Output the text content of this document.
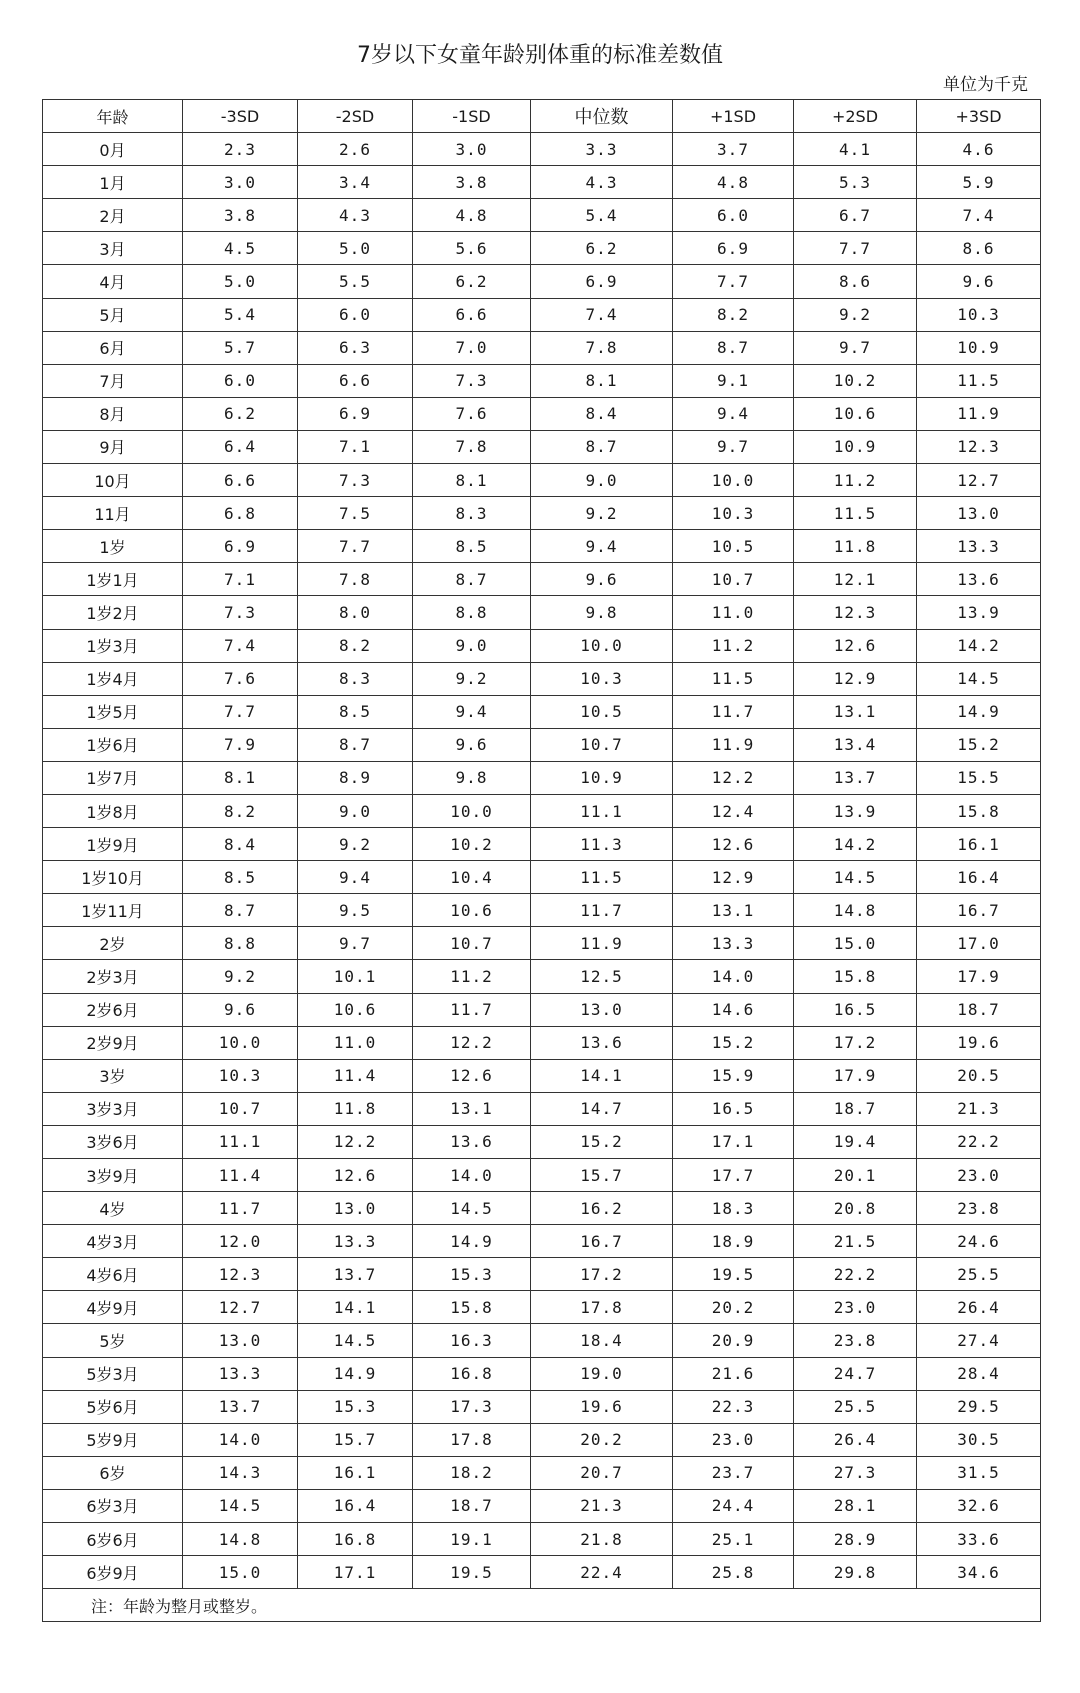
7岁以下女童年龄别体重的标准差数值
单位为千克
年龄	-3SD	-2SD	-1SD	中位数	+1SD	+2SD	+3SD
0月	2.3	2.6	3.0	3.3	3.7	4.1	4.6
1月	3.0	3.4	3.8	4.3	4.8	5.3	5.9
2月	3.8	4.3	4.8	5.4	6.0	6.7	7.4
3月	4.5	5.0	5.6	6.2	6.9	7.7	8.6
4月	5.0	5.5	6.2	6.9	7.7	8.6	9.6
5月	5.4	6.0	6.6	7.4	8.2	9.2	10.3
6月	5.7	6.3	7.0	7.8	8.7	9.7	10.9
7月	6.0	6.6	7.3	8.1	9.1	10.2	11.5
8月	6.2	6.9	7.6	8.4	9.4	10.6	11.9
9月	6.4	7.1	7.8	8.7	9.7	10.9	12.3
10月	6.6	7.3	8.1	9.0	10.0	11.2	12.7
11月	6.8	7.5	8.3	9.2	10.3	11.5	13.0
1岁	6.9	7.7	8.5	9.4	10.5	11.8	13.3
1岁1月	7.1	7.8	8.7	9.6	10.7	12.1	13.6
1岁2月	7.3	8.0	8.8	9.8	11.0	12.3	13.9
1岁3月	7.4	8.2	9.0	10.0	11.2	12.6	14.2
1岁4月	7.6	8.3	9.2	10.3	11.5	12.9	14.5
1岁5月	7.7	8.5	9.4	10.5	11.7	13.1	14.9
1岁6月	7.9	8.7	9.6	10.7	11.9	13.4	15.2
1岁7月	8.1	8.9	9.8	10.9	12.2	13.7	15.5
1岁8月	8.2	9.0	10.0	11.1	12.4	13.9	15.8
1岁9月	8.4	9.2	10.2	11.3	12.6	14.2	16.1
1岁10月	8.5	9.4	10.4	11.5	12.9	14.5	16.4
1岁11月	8.7	9.5	10.6	11.7	13.1	14.8	16.7
2岁	8.8	9.7	10.7	11.9	13.3	15.0	17.0
2岁3月	9.2	10.1	11.2	12.5	14.0	15.8	17.9
2岁6月	9.6	10.6	11.7	13.0	14.6	16.5	18.7
2岁9月	10.0	11.0	12.2	13.6	15.2	17.2	19.6
3岁	10.3	11.4	12.6	14.1	15.9	17.9	20.5
3岁3月	10.7	11.8	13.1	14.7	16.5	18.7	21.3
3岁6月	11.1	12.2	13.6	15.2	17.1	19.4	22.2
3岁9月	11.4	12.6	14.0	15.7	17.7	20.1	23.0
4岁	11.7	13.0	14.5	16.2	18.3	20.8	23.8
4岁3月	12.0	13.3	14.9	16.7	18.9	21.5	24.6
4岁6月	12.3	13.7	15.3	17.2	19.5	22.2	25.5
4岁9月	12.7	14.1	15.8	17.8	20.2	23.0	26.4
5岁	13.0	14.5	16.3	18.4	20.9	23.8	27.4
5岁3月	13.3	14.9	16.8	19.0	21.6	24.7	28.4
5岁6月	13.7	15.3	17.3	19.6	22.3	25.5	29.5
5岁9月	14.0	15.7	17.8	20.2	23.0	26.4	30.5
6岁	14.3	16.1	18.2	20.7	23.7	27.3	31.5
6岁3月	14.5	16.4	18.7	21.3	24.4	28.1	32.6
6岁6月	14.8	16.8	19.1	21.8	25.1	28.9	33.6
6岁9月	15.0	17.1	19.5	22.4	25.8	29.8	34.6
注：年龄为整月或整岁。							
